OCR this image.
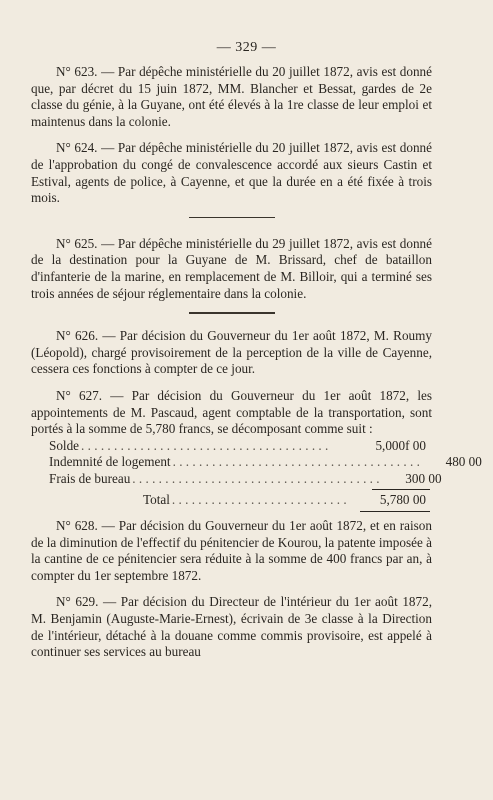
— 329 —

N° 623. — Par dépêche ministérielle du 20 juillet 1872, avis est donné que, par décret du 15 juin 1872, MM. Blancher et Bessat, gardes de 2e classe du génie, à la Guyane, ont été élevés à la 1re classe de leur emploi et maintenus dans la colonie.

N° 624. — Par dépêche ministérielle du 20 juillet 1872, avis est donné de l'approbation du congé de convalescence accordé aux sieurs Castin et Estival, agents de police, à Cayenne, et que la durée en a été fixée à trois mois.

N° 625. — Par dépêche ministérielle du 29 juillet 1872, avis est donné de la destination pour la Guyane de M. Brissard, chef de bataillon d'infanterie de la marine, en remplacement de M. Billoir, qui a terminé ses trois années de séjour réglementaire dans la colonie.

N° 626. — Par décision du Gouverneur du 1er août 1872, M. Roumy (Léopold), chargé provisoirement de la perception de la ville de Cayenne, cessera ces fonctions à compter de ce jour.

N° 627. — Par décision du Gouverneur du 1er août 1872, les appointements de M. Pascaud, agent comptable de la transportation, sont portés à la somme de 5,780 francs, se décomposant comme suit :

Solde . . . . . . . . . . . . . . . . . . . . . . . . . . . . . . . . . . . . . .	5,000f 00
Indemnité de logement . . . . . . . . . . . . . . . . . . . . . . . . . . . . . . . . . . . . . .	480 00
Frais de bureau . . . . . . . . . . . . . . . . . . . . . . . . . . . . . . . . . . . . . .	300 00
Total . . . . . . . . . . . . . . . . . . . . . . . . . . .	5,780 00

N° 628. — Par décision du Gouverneur du 1er août 1872, et en raison de la diminution de l'effectif du pénitencier de Kourou, la patente imposée à la cantine de ce pénitencier sera réduite à la somme de 400 francs par an, à compter du 1er septembre 1872.

N° 629. — Par décision du Directeur de l'intérieur du 1er août 1872, M. Benjamin (Auguste-Marie-Ernest), écrivain de 3e classe à la Direction de l'intérieur, détaché à la douane comme commis provisoire, est appelé à continuer ses services au bureau
